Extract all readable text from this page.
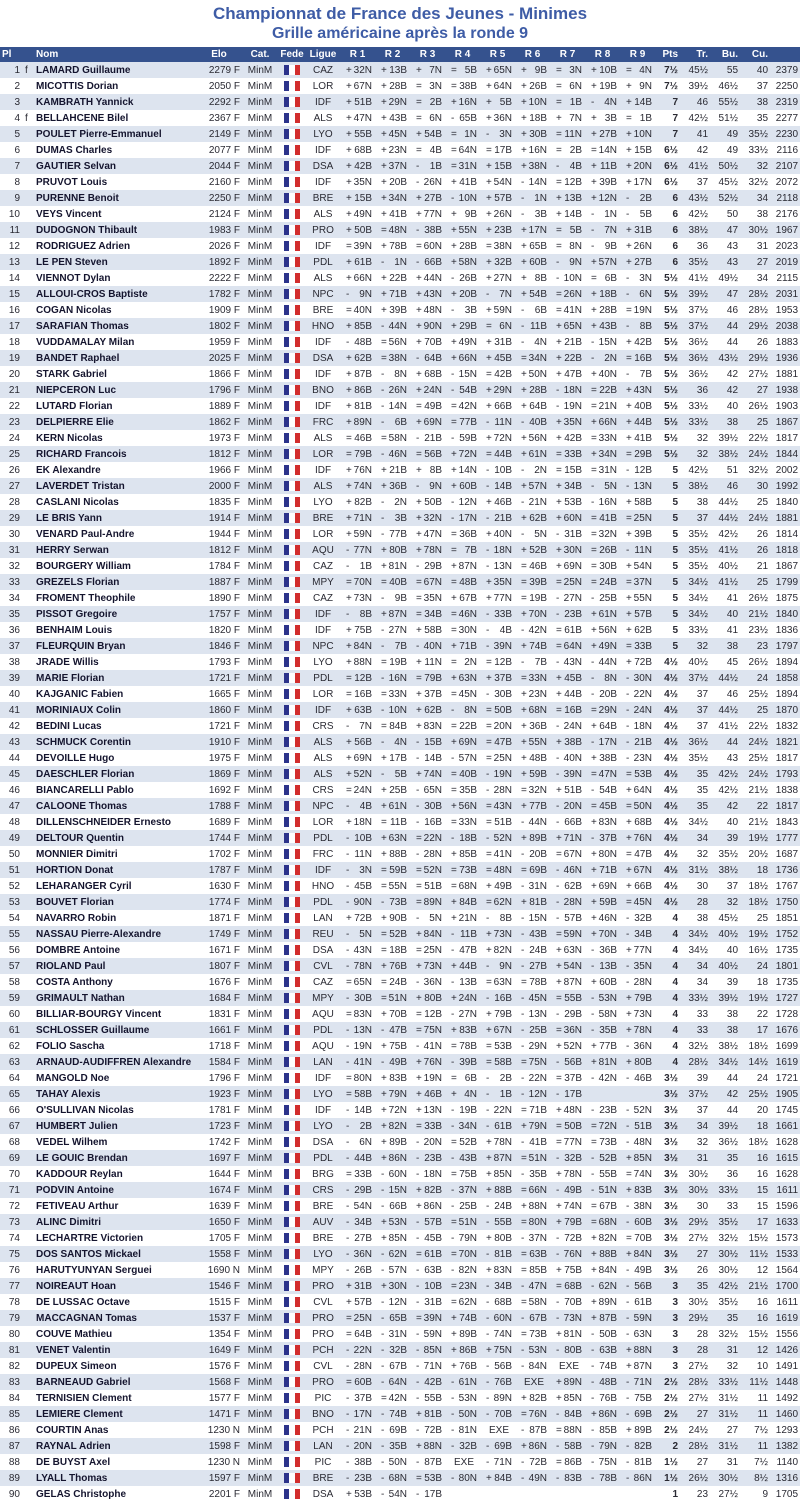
Championnat de France des Jeunes - Minimes
Grille américaine après la ronde 9
Pl		Nom	Elo	Cat.	Fede	Ligue	R 1	R 2	R 3	R 4	R 5	R 6	R 7	R 8	R 9	Pts	Tr.	Bu.	Cu.	
1	f	LAMARD Guillaume	2279 F	MinM		CAZ	+ 32N	+ 13B	+ 7N	= 5B	+ 65N	+ 9B	= 3N	+ 10B	= 4N	7½	45½	55	40	2379
2		MICOTTIS Dorian	2050 F	MinM		LOR	+ 67N	+ 28B	= 3N	= 38B	+ 64N	+ 26B	= 6N	+ 19B	+ 9N	7½	39½	46½	37	2250
3		KAMBRATH Yannick	2292 F	MinM		IDF	+ 51B	+ 29N	= 2B	+ 16N	+ 5B	+ 10N	= 1B	- 4N	+ 14B	7	46	55½	38	2319
4	f	BELLAHCENE Bilel	2367 F	MinM		ALS	+ 47N	+ 43B	= 6N	- 65B	+ 36N	+ 18B	+ 7N	+ 3B	= 1B	7	42½	51½	35	2277
5		POULET Pierre-Emmanuel	2149 F	MinM		LYO	+ 55B	+ 45N	+ 54B	= 1N	- 3N	+ 30B	= 11N	+ 27B	+ 10N	7	41	49	35½	2230
6		DUMAS Charles	2077 F	MinM		IDF	+ 68B	+ 23N	= 4B	= 64N	= 17B	+ 16N	= 2B	= 14N	+ 15B	6½	42	49	33½	2116
7		GAUTIER Selvan	2044 F	MinM		DSA	+ 42B	+ 37N	- 1B	= 31N	+ 15B	+ 38N	- 4B	+ 11B	+ 20N	6½	41½	50½	32	2107
8		PRUVOT Louis	2160 F	MinM		IDF	+ 35N	+ 20B	- 26N	+ 41B	+ 54N	- 14N	= 12B	+ 39B	+ 17N	6½	37	45½	32½	2072
9		PURENNE Benoit	2250 F	MinM		BRE	+ 15B	+ 34N	+ 27B	- 10N	+ 57B	- 1N	+ 13B	+ 12N	- 2B	6	43½	52½	34	2118
10		VEYS Vincent	2124 F	MinM		ALS	+ 49N	+ 41B	+ 77N	+ 9B	+ 26N	- 3B	+ 14B	- 1N	- 5B	6	42½	50	38	2176
11		DUDOGNON Thibault	1983 F	MinM		PRO	+ 50B	= 48N	- 38B	+ 55N	+ 23B	+ 17N	= 5B	- 7N	+ 31B	6	38½	47	30½	1967
12		RODRIGUEZ Adrien	2026 F	MinM		IDF	= 39N	+ 78B	= 60N	+ 28B	= 38N	+ 65B	= 8N	- 9B	+ 26N	6	36	43	31	2023
13		LE PEN Steven	1892 F	MinM		PDL	+ 61B	- 1N	- 66B	+ 58N	+ 32B	+ 60B	- 9N	+ 57N	+ 27B	6	35½	43	27	2019
14		VIENNOT Dylan	2222 F	MinM		ALS	+ 66N	+ 22B	+ 44N	- 26B	+ 27N	+ 8B	- 10N	= 6B	- 3N	5½	41½	49½	34	2115
15		ALLOUI-CROS Baptiste	1782 F	MinM		NPC	- 9N	+ 71B	+ 43N	+ 20B	- 7N	+ 54B	= 26N	+ 18B	- 6N	5½	39½	47	28½	2031
16		COGAN Nicolas	1909 F	MinM		BRE	= 40N	+ 39B	+ 48N	- 3B	+ 59N	- 6B	= 41N	+ 28B	= 19N	5½	37½	46	28½	1953
17		SARAFIAN Thomas	1802 F	MinM		HNO	+ 85B	- 44N	+ 90N	+ 29B	= 6N	- 11B	+ 65N	+ 43B	- 8B	5½	37½	44	29½	2038
18		VUDDAMALAY Milan	1959 F	MinM		IDF	- 48B	= 56N	+ 70B	+ 49N	+ 31B	- 4N	+ 21B	- 15N	+ 42B	5½	36½	44	26	1883
19		BANDET Raphael	2025 F	MinM		DSA	+ 62B	= 38N	- 64B	+ 66N	+ 45B	= 34N	+ 22B	- 2N	= 16B	5½	36½	43½	29½	1936
20		STARK Gabriel	1866 F	MinM		IDF	+ 87B	- 8N	+ 68B	- 15N	= 42B	+ 50N	+ 47B	+ 40N	- 7B	5½	36½	42	27½	1881
21		NIEPCERON Luc	1796 F	MinM		BNO	+ 86B	- 26N	+ 24N	- 54B	+ 29N	+ 28B	- 18N	= 22B	+ 43N	5½	36	42	27	1938
22		LUTARD Florian	1889 F	MinM		IDF	+ 81B	- 14N	= 49B	= 42N	+ 66B	+ 64B	- 19N	= 21N	+ 40B	5½	33½	40	26½	1903
23		DELPIERRE Elie	1862 F	MinM		FRC	+ 89N	- 6B	+ 69N	= 77B	- 11N	- 40B	+ 35N	+ 66N	+ 44B	5½	33½	38	25	1867
24		KERN Nicolas	1973 F	MinM		ALS	= 46B	= 58N	- 21B	- 59B	+ 72N	+ 56N	+ 42B	= 33N	+ 41B	5½	32	39½	22½	1817
25		RICHARD Francois	1812 F	MinM		LOR	= 79B	- 46N	= 56B	+ 72N	= 44B	+ 61N	= 33B	+ 34N	= 29B	5½	32	38½	24½	1844
26		EK Alexandre	1966 F	MinM		IDF	+ 76N	+ 21B	+ 8B	+ 14N	- 10B	- 2N	= 15B	= 31N	- 12B	5	42½	51	32½	2002
27		LAVERDET Tristan	2000 F	MinM		ALS	+ 74N	+ 36B	- 9N	+ 60B	- 14B	+ 57N	+ 34B	- 5N	- 13N	5	38½	46	30	1992
28		CASLANI Nicolas	1835 F	MinM		LYO	+ 82B	- 2N	+ 50B	- 12N	+ 46B	- 21N	+ 53B	- 16N	+ 58B	5	38	44½	25	1840
29		LE BRIS Yann	1914 F	MinM		BRE	+ 71N	- 3B	+ 32N	- 17N	- 21B	+ 62B	+ 60N	= 41B	= 25N	5	37	44½	24½	1881
30		VENARD Paul-Andre	1944 F	MinM		LOR	+ 59N	- 77B	+ 47N	= 36B	+ 40N	- 5N	- 31B	= 32N	+ 39B	5	35½	42½	26	1814
31		HERRY Serwan	1812 F	MinM		AQU	- 77N	+ 80B	+ 78N	= 7B	- 18N	+ 52B	+ 30N	= 26B	- 11N	5	35½	41½	26	1818
32		BOURGERY William	1784 F	MinM		CAZ	- 1B	+ 81N	- 29B	+ 87N	- 13N	= 46B	+ 69N	= 30B	+ 54N	5	35½	40½	21	1867
33		GREZELS Florian	1887 F	MinM		MPY	= 70N	= 40B	= 67N	= 48B	+ 35N	= 39B	= 25N	= 24B	= 37N	5	34½	41½	25	1799
34		FROMENT Theophile	1890 F	MinM		CAZ	+ 73N	- 9B	= 35N	+ 67B	+ 77N	= 19B	- 27N	- 25B	+ 55N	5	34½	41	26½	1875
35		PISSOT Gregoire	1757 F	MinM		IDF	- 8B	+ 87N	= 34B	= 46N	- 33B	+ 70N	- 23B	+ 61N	+ 57B	5	34½	40	21½	1840
36		BENHAIM Louis	1820 F	MinM		IDF	+ 75B	- 27N	+ 58B	= 30N	- 4B	- 42N	= 61B	+ 56N	+ 62B	5	33½	41	23½	1836
37		FLEURQUIN Bryan	1846 F	MinM		NPC	+ 84N	- 7B	- 40N	+ 71B	- 39N	+ 74B	= 64N	+ 49N	= 33B	5	32	38	23	1797
38		JRADE Willis	1793 F	MinM		LYO	+ 88N	= 19B	+ 11N	= 2N	= 12B	- 7B	- 43N	- 44N	+ 72B	4½	40½	45	26½	1894
39		MARIE Florian	1721 F	MinM		PDL	= 12B	- 16N	= 79B	+ 63N	+ 37B	= 33N	+ 45B	- 8N	- 30N	4½	37½	44½	24	1858
40		KAJGANIC Fabien	1665 F	MinM		LOR	= 16B	= 33N	+ 37B	= 45N	- 30B	+ 23N	+ 44B	- 20B	- 22N	4½	37	46	25½	1894
41		MORINIAUX Colin	1860 F	MinM		IDF	+ 63B	- 10N	+ 62B	- 8N	= 50B	+ 68N	= 16B	= 29N	- 24N	4½	37	44½	25	1870
42		BEDINI Lucas	1721 F	MinM		CRS	- 7N	= 84B	+ 83N	= 22B	= 20N	+ 36B	- 24N	+ 64B	- 18N	4½	37	41½	22½	1832
43		SCHMUCK Corentin	1910 F	MinM		ALS	+ 56B	- 4N	- 15B	+ 69N	= 47B	+ 55N	+ 38B	- 17N	- 21B	4½	36½	44	24½	1821
44		DEVOILLE Hugo	1975 F	MinM		ALS	+ 69N	+ 17B	- 14B	- 57N	= 25N	+ 48B	- 40N	+ 38B	- 23N	4½	35½	43	25½	1817
45		DAESCHLER Florian	1869 F	MinM		ALS	+ 52N	- 5B	+ 74N	= 40B	- 19N	+ 59B	- 39N	= 47N	= 53B	4½	35	42½	24½	1793
46		BIANCARELLI Pablo	1692 F	MinM		CRS	= 24N	+ 25B	- 65N	= 35B	- 28N	= 32N	+ 51B	- 54B	+ 64N	4½	35	42½	21½	1838
47		CALOONE Thomas	1788 F	MinM		NPC	- 4B	+ 61N	- 30B	+ 56N	= 43N	+ 77B	- 20N	= 45B	= 50N	4½	35	42	22	1817
48		DILLENSCHNEIDER Ernesto	1689 F	MinM		LOR	+ 18N	= 11B	- 16B	= 33N	= 51B	- 44N	- 66B	+ 83N	+ 68B	4½	34½	40	21½	1843
49		DELTOUR Quentin	1744 F	MinM		PDL	- 10B	+ 63N	= 22N	- 18B	- 52N	+ 89B	+ 71N	- 37B	+ 76N	4½	34	39	19½	1777
50		MONNIER Dimitri	1702 F	MinM		FRC	- 11N	+ 88B	- 28N	+ 85B	= 41N	- 20B	= 67N	+ 80N	= 47B	4½	32	35½	20½	1687
51		HORTION Donat	1787 F	MinM		IDF	- 3N	= 59B	= 52N	= 73B	= 48N	= 69B	- 46N	+ 71B	+ 67N	4½	31½	38½	18	1736
52		LEHARANGER Cyril	1630 F	MinM		HNO	- 45B	= 55N	= 51B	= 68N	+ 49B	- 31N	- 62B	+ 69N	+ 66B	4½	30	37	18½	1767
53		BOUVET Florian	1774 F	MinM		PDL	- 90N	- 73B	= 89N	+ 84B	= 62N	+ 81B	- 28N	+ 59B	= 45N	4½	28	32	18½	1750
54		NAVARRO Robin	1871 F	MinM		LAN	+ 72B	+ 90B	- 5N	+ 21N	- 8B	- 15N	- 57B	+ 46N	- 32B	4	38	45½	25	1851
55		NASSAU Pierre-Alexandre	1749 F	MinM		REU	- 5N	= 52B	+ 84N	- 11B	+ 73N	- 43B	= 59N	+ 70N	- 34B	4	34½	40½	19½	1752
56		DOMBRE Antoine	1671 F	MinM		DSA	- 43N	= 18B	= 25N	- 47B	+ 82N	- 24B	+ 63N	- 36B	+ 77N	4	34½	40	16½	1735
57		RIOLAND Paul	1807 F	MinM		CVL	- 78N	+ 76B	+ 73N	+ 44B	- 9N	- 27B	+ 54N	- 13B	- 35N	4	34	40½	24	1801
58		COSTA Anthony	1676 F	MinM		CAZ	= 65N	= 24B	- 36N	- 13B	= 63N	= 78B	+ 87N	+ 60B	- 28N	4	34	39	18	1735
59		GRIMAULT Nathan	1684 F	MinM		MPY	- 30B	= 51N	+ 80B	+ 24N	- 16B	- 45N	= 55B	- 53N	+ 79B	4	33½	39½	19½	1727
60		BILLIAR-BOURGY Vincent	1831 F	MinM		AQU	= 83N	+ 70B	= 12B	- 27N	+ 79B	- 13N	- 29B	- 58N	+ 73N	4	33	38	22	1728
61		SCHLOSSER Guillaume	1661 F	MinM		PDL	- 13N	- 47B	= 75N	+ 83B	+ 67N	- 25B	= 36N	- 35B	+ 78N	4	33	38	17	1676
62		FOLIO Sascha	1718 F	MinM		AQU	- 19N	+ 75B	- 41N	= 78B	= 53B	- 29N	+ 52N	+ 77B	- 36N	4	32½	38½	18½	1699
63		ARNAUD-AUDIFFREN Alexandre	1584 F	MinM		LAN	- 41N	- 49B	+ 76N	- 39B	= 58B	= 75N	- 56B	+ 81N	+ 80B	4	28½	34½	14½	1619
64		MANGOLD Noe	1796 F	MinM		IDF	= 80N	+ 83B	+ 19N	= 6B	- 2B	- 22N	= 37B	- 42N	- 46B	3½	39	44	24	1721
65		TAHAY Alexis	1923 F	MinM		LYO	= 58B	+ 79N	+ 46B	+ 4N	- 1B	- 12N	- 17B			3½	37½	42	25½	1905
66		O'SULLIVAN Nicolas	1781 F	MinM		IDF	- 14B	+ 72N	+ 13N	- 19B	- 22N	= 71B	+ 48N	- 23B	- 52N	3½	37	44	20	1745
67		HUMBERT Julien	1723 F	MinM		LYO	- 2B	+ 82N	= 33B	- 34N	- 61B	+ 79N	= 50B	= 72N	- 51B	3½	34	39½	18	1661
68		VEDEL Wilhem	1742 F	MinM		DSA	- 6N	+ 89B	- 20N	= 52B	+ 78N	- 41B	= 77N	= 73B	- 48N	3½	32	36½	18½	1628
69		LE GOUIC Brendan	1697 F	MinM		PDL	- 44B	+ 86N	- 23B	- 43B	+ 87N	= 51N	- 32B	- 52B	+ 85N	3½	31	35	16	1615
70		KADDOUR Reylan	1644 F	MinM		BRG	= 33B	- 60N	- 18N	= 75B	+ 85N	- 35B	+ 78N	- 55B	= 74N	3½	30½	36	16	1628
71		PODVIN Antoine	1674 F	MinM		CRS	- 29B	- 15N	+ 82B	- 37N	+ 88B	= 66N	- 49B	- 51N	+ 83B	3½	30½	33½	15	1611
72		FETIVEAU Arthur	1639 F	MinM		BRE	- 54N	- 66B	+ 86N	- 25B	- 24B	+ 88N	+ 74N	= 67B	- 38N	3½	30	33	15	1596
73		ALINC Dimitri	1650 F	MinM		AUV	- 34B	+ 53N	- 57B	= 51N	- 55B	= 80N	+ 79B	= 68N	- 60B	3½	29½	35½	17	1633
74		LECHARTRE Victorien	1705 F	MinM		BRE	- 27B	+ 85N	- 45B	- 79N	+ 80B	- 37N	- 72B	+ 82N	= 70B	3½	27½	32½	15½	1573
75		DOS SANTOS Mickael	1558 F	MinM		LYO	- 36N	- 62N	= 61B	= 70N	- 81B	= 63B	- 76N	+ 88B	+ 84N	3½	27	30½	11½	1533
76		HARUTYUNYAN Serguei	1690 N	MinM		MPY	- 26B	- 57N	- 63B	- 82N	+ 83N	= 85B	+ 75B	+ 84N	- 49B	3½	26	30½	12	1564
77		NOIREAUT Hoan	1546 F	MinM		PRO	+ 31B	+ 30N	- 10B	= 23N	- 34B	- 47N	= 68B	- 62N	- 56B	3	35	42½	21½	1700
78		DE LUSSAC Octave	1515 F	MinM		CVL	+ 57B	- 12N	- 31B	= 62N	- 68B	= 58N	- 70B	+ 89N	- 61B	3	30½	35½	16	1611
79		MACCAGNAN Tomas	1537 F	MinM		PRO	= 25N	- 65B	= 39N	+ 74B	- 60N	- 67B	- 73N	+ 87B	- 59N	3	29½	35	16	1619
80		COUVE Mathieu	1354 F	MinM		PRO	= 64B	- 31N	- 59N	+ 89B	- 74N	= 73B	+ 81N	- 50B	- 63N	3	28	32½	15½	1556
81		VENET Valentin	1649 F	MinM		PCH	- 22N	- 32B	- 85N	+ 86B	+ 75N	- 53N	- 80B	- 63B	+ 88N	3	28	31	12	1426
82		DUPEUX Simeon	1576 F	MinM		CVL	- 28N	- 67B	- 71N	+ 76B	- 56B	- 84N	EXE	- 74B	+ 87N	3	27½	32	10	1491
83		BARNEAUD Gabriel	1568 F	MinM		PRO	= 60B	- 64N	- 42B	- 61N	- 76B	EXE	+ 89N	- 48B	- 71N	2½	28½	33½	11½	1448
84		TERNISIEN Clement	1577 F	MinM		PIC	- 37B	= 42N	- 55B	- 53N	- 89N	+ 82B	+ 85N	- 76B	- 75B	2½	27½	31½	11	1492
85		LEMIERE Clement	1471 F	MinM		BNO	- 17N	- 74B	+ 81B	- 50N	- 70B	= 76N	- 84B	+ 86N	- 69B	2½	27	31½	11	1460
86		COURTIN Anas	1230 N	MinM		PCH	- 21N	- 69B	- 72B	- 81N	EXE	- 87B	= 88N	- 85B	+ 89B	2½	24½	27	7½	1293
87		RAYNAL Adrien	1598 F	MinM		LAN	- 20N	- 35B	+ 88N	- 32B	- 69B	+ 86N	- 58B	- 79N	- 82B	2	28½	31½	11	1382
88		DE BUYST Axel	1230 N	MinM		PIC	- 38B	- 50N	- 87B	EXE	- 71N	- 72B	= 86B	- 75N	- 81B	1½	27	31	7½	1140
89		LYALL Thomas	1597 F	MinM		BRE	- 23B	- 68N	= 53B	- 80N	+ 84B	- 49N	- 83B	- 78B	- 86N	1½	26½	30½	8½	1316
90		GELAS Christophe	2201 F	MinM		DSA	+ 53B	- 54N	- 17B							1	23	27½	9	1705
